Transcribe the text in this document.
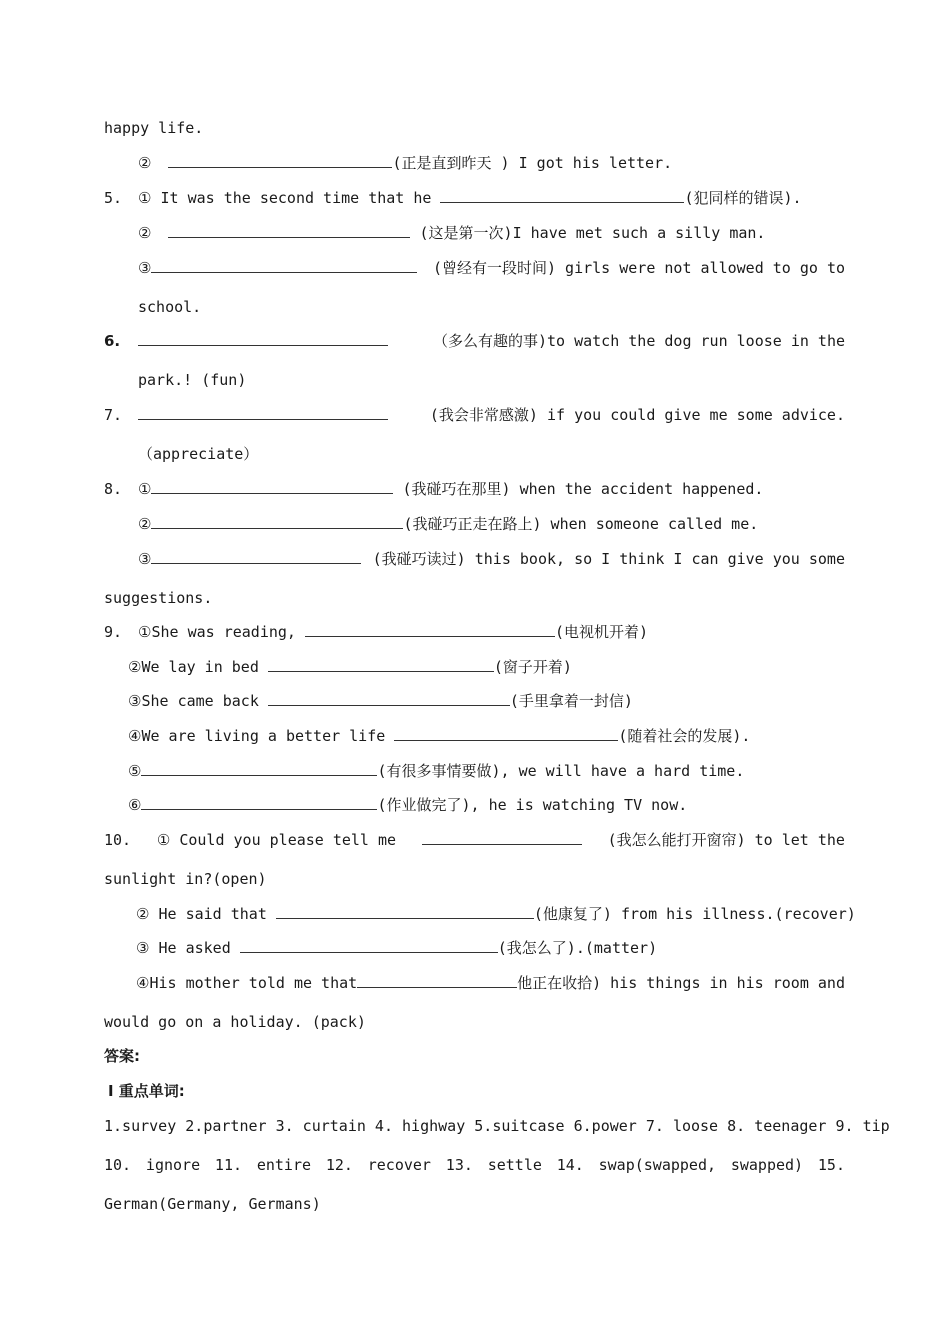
happy life.
②	(正是直到昨天 ) I got his letter.
5. ① It was the second time that he	(犯同样的错误).
②	(这是第一次)I have met such a silly man.
③	(曾经有一段时间) girls were not allowed to go to
school.
6.	（多么有趣的事)to watch the dog run loose in the
park.! (fun)
7.	(我会非常感激) if you could give me some advice.
（appreciate）
8. ①	(我碰巧在那里) when the accident happened.
②	(我碰巧正走在路上) when someone called me.
③	(我碰巧读过) this book, so I think I can give you some
suggestions.
9. ①She was reading,	(电视机开着)
②We lay in bed	(窗子开着)
③She came back	(手里拿着一封信)
④We are living a better life	(随着社会的发展).
⑤	(有很多事情要做), we will have a hard time.
⑥	(作业做完了), he is watching TV now.
10. ① Could you please tell me	(我怎么能打开窗帘) to let the
sunlight in?(open)
② He said that	(他康复了) from his illness.(recover)
③ He asked	(我怎么了).(matter)
④His mother told me that	他正在收拾) his things in his room and
would go on a holiday. (pack)
答案:
Ⅰ 重点单词:
1.survey 2.partner 3. curtain 4. highway 5.suitcase 6.power 7. loose 8. teenager 9. tip
10. ignore 11. entire 12. recover 13. settle 14. swap(swapped, swapped) 15.
German(Germany, Germans)
